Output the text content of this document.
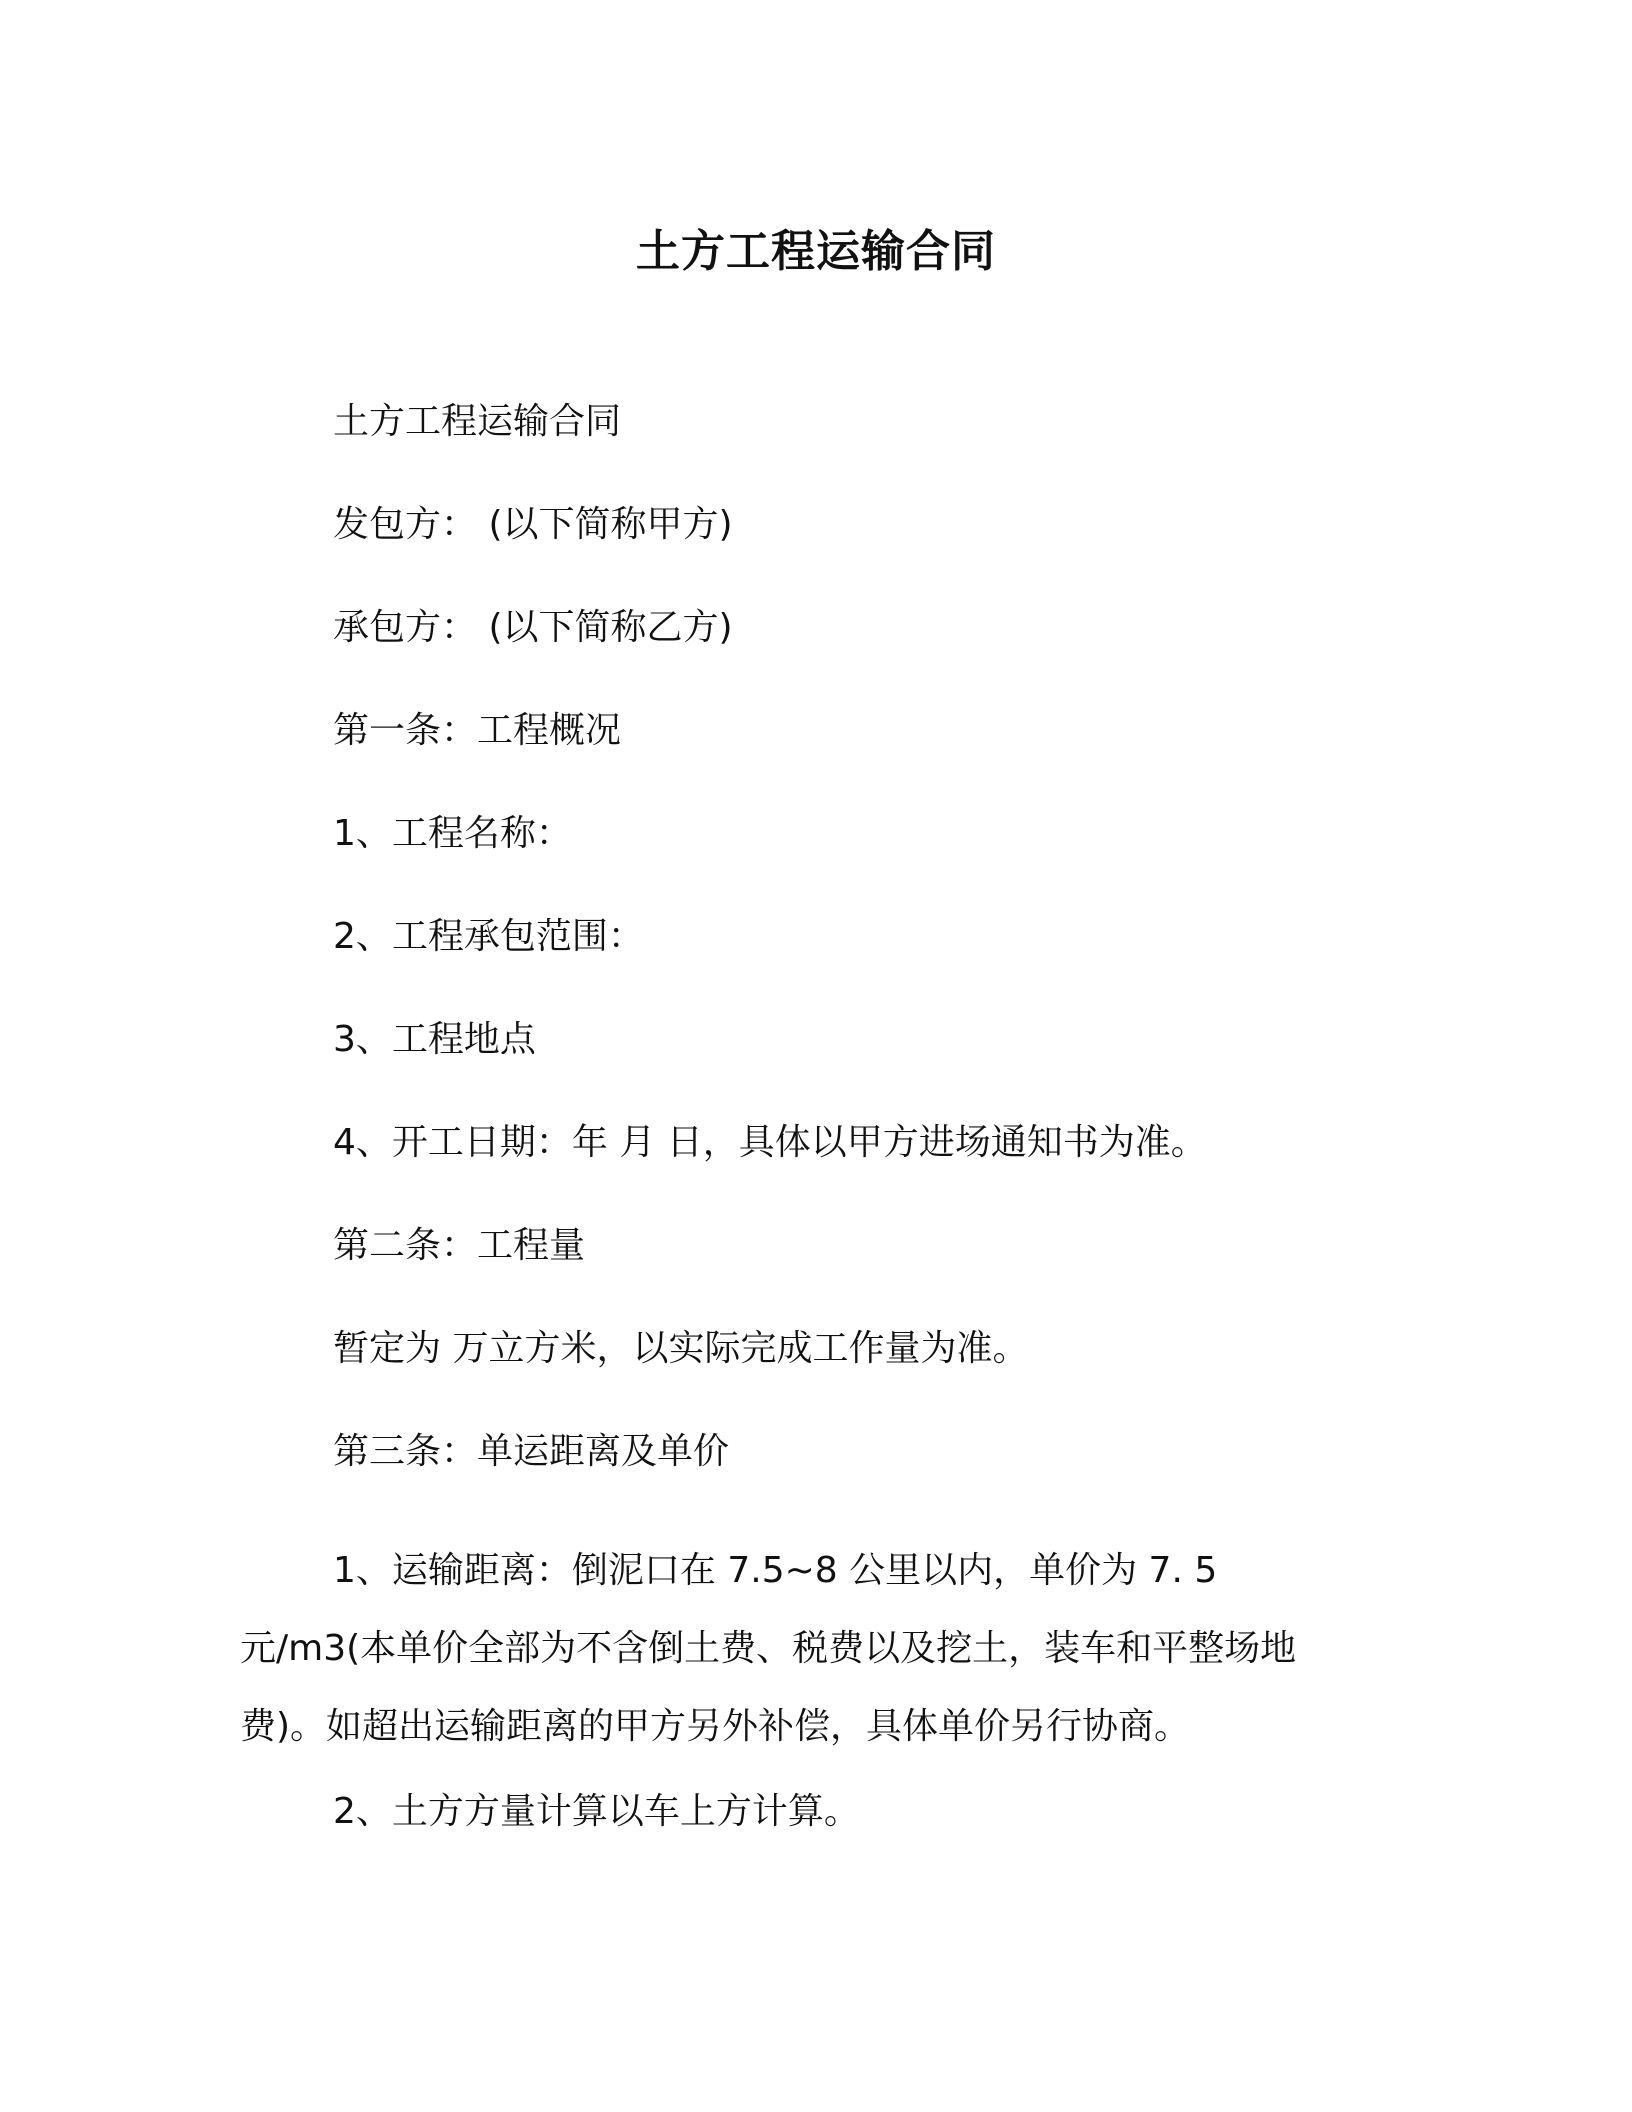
土方工程运输合同
土方工程运输合同
发包方： (以下简称甲方)
承包方： (以下简称乙方)
第一条：工程概况
1、工程名称：
2、工程承包范围：
3、工程地点
4、开工日期：年 月 日，具体以甲方进场通知书为准。
第二条：工程量
暂定为 万立方米，以实际完成工作量为准。
第三条：单运距离及单价
1、运输距离：倒泥口在 7.5~8 公里以内，单价为 7. 5 元/m3(本单价全部为不含倒土费、税费以及挖土，装车和平整场地费)。如超出运输距离的甲方另外补偿，具体单价另行协商。
2、土方方量计算以车上方计算。
